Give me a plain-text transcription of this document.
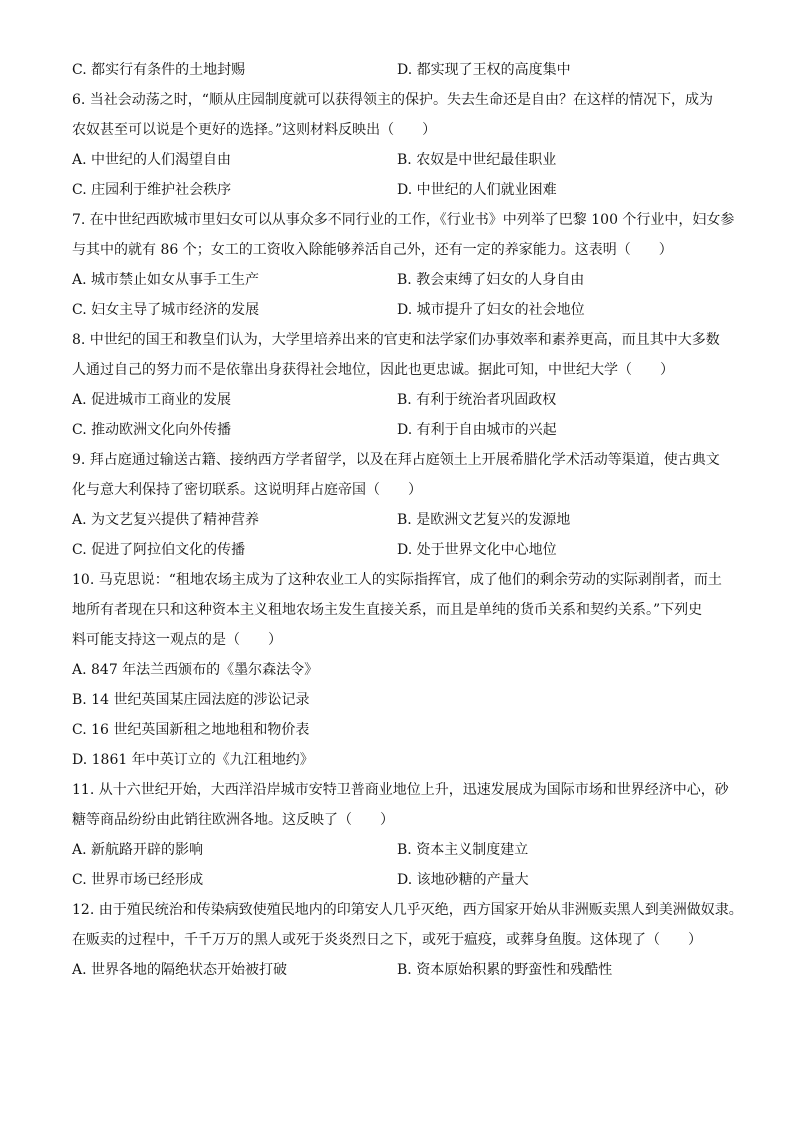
C. 都实行有条件的土地封赐	D. 都实现了王权的高度集中

6. 当社会动荡之时，“顺从庄园制度就可以获得领主的保护。失去生命还是自由？在这样的情况下，成为

农奴甚至可以说是个更好的选择。”这则材料反映出（　　）

A. 中世纪的人们渴望自由	B. 农奴是中世纪最佳职业
C. 庄园利于维护社会秩序	D. 中世纪的人们就业困难

7. 在中世纪西欧城市里妇女可以从事众多不同行业的工作，《行业书》中列举了巴黎 100 个行业中，妇女参

与其中的就有 86 个；女工的工资收入除能够养活自己外，还有一定的养家能力。这表明（　　）

A. 城市禁止如女从事手工生产	B. 教会束缚了妇女的人身自由
C. 妇女主导了城市经济的发展	D. 城市提升了妇女的社会地位

8. 中世纪的国王和教皇们认为，大学里培养出来的官吏和法学家们办事效率和素养更高，而且其中大多数

人通过自己的努力而不是依靠出身获得社会地位，因此也更忠诚。据此可知，中世纪大学（　　）

A. 促进城市工商业的发展	B. 有利于统治者巩固政权
C. 推动欧洲文化向外传播	D. 有利于自由城市的兴起

9. 拜占庭通过输送古籍、接纳西方学者留学，以及在拜占庭领土上开展希腊化学术活动等渠道，使古典文

化与意大利保持了密切联系。这说明拜占庭帝国（　　）

A. 为文艺复兴提供了精神营养	B. 是欧洲文艺复兴的发源地
C. 促进了阿拉伯文化的传播	D. 处于世界文化中心地位

10. 马克思说：“租地农场主成为了这种农业工人的实际指挥官，成了他们的剩余劳动的实际剥削者，而土

地所有者现在只和这种资本主义租地农场主发生直接关系，而且是单纯的货币关系和契约关系。”下列史

料可能支持这一观点的是（　　）

A. 847 年法兰西颁布的《墨尔森法令》
B. 14 世纪英国某庄园法庭的涉讼记录
C. 16 世纪英国新租之地地租和物价表
D. 1861 年中英订立的《九江租地约》

11. 从十六世纪开始，大西洋沿岸城市安特卫普商业地位上升，迅速发展成为国际市场和世界经济中心，砂

糖等商品纷纷由此销往欧洲各地。这反映了（　　）

A. 新航路开辟的影响	B. 资本主义制度建立
C. 世界市场已经形成	D. 该地砂糖的产量大

12. 由于殖民统治和传染病致使殖民地内的印第安人几乎灭绝，西方国家开始从非洲贩卖黑人到美洲做奴隶。

在贩卖的过程中，千千万万的黑人或死于炎炎烈日之下，或死于瘟疫，或葬身鱼腹。这体现了（　　）

A. 世界各地的隔绝状态开始被打破	B. 资本原始积累的野蛮性和残酷性
